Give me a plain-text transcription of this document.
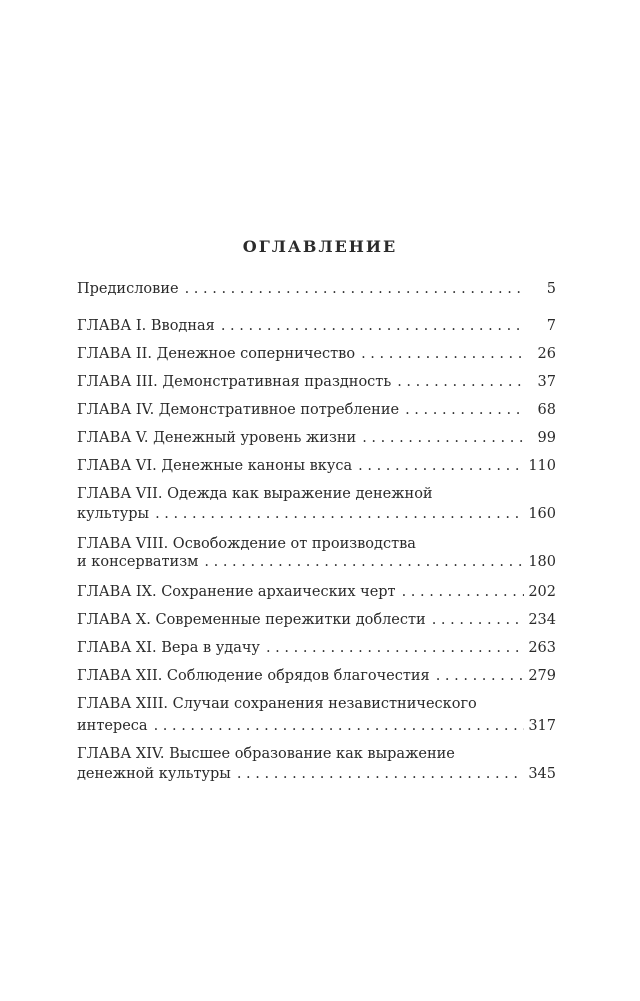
ОГЛАВЛЕНИЕ
Предисловие . . .	5
ГЛАВА I. Вводная . . .	7
ГЛАВА II. Денежное соперничество . . .	26
ГЛАВА III. Демонстративная праздность . . .	37
ГЛАВА IV. Демонстративное потребление . . .	68
ГЛАВА V. Денежный уровень жизни . . .	99
ГЛАВА VI. Денежные каноны вкуса . . .	110
ГЛАВА VII. Одежда как выражение денежной
культуры . . .	160
ГЛАВА VIII. Освобождение от производства
и консерватизм . . .	180
ГЛАВА IX. Сохранение архаических черт . . .	202
ГЛАВА X. Современные пережитки доблести . . .	234
ГЛАВА XI. Вера в удачу . . .	263
ГЛАВА XII. Соблюдение обрядов благочестия . . .	279
ГЛАВА XIII. Случаи сохранения независтнического
интереса . . .	317
ГЛАВА XIV. Высшее образование как выражение
денежной культуры . . .	345
